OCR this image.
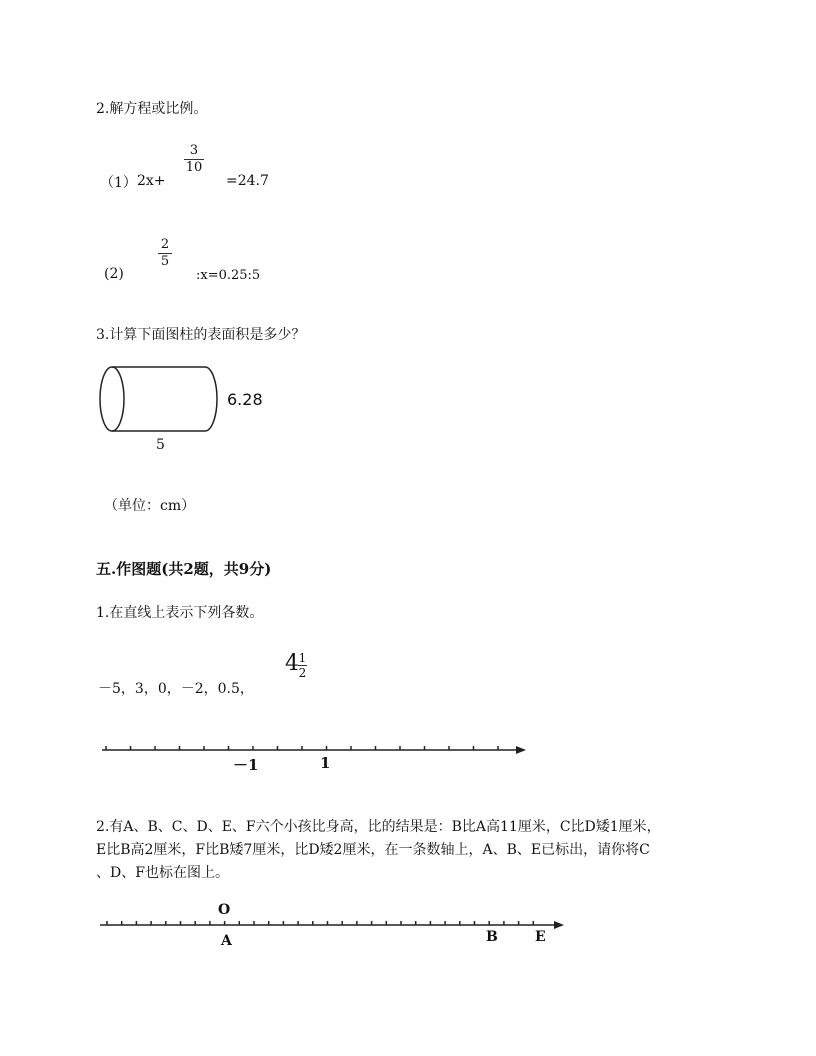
2.解方程或比例。
（1） 2x+
3
10
=24.7
(2)
2
5
:x=0.25:5
3.计算下面图柱的表面积是多少？
6.28
5
（单位：cm）
五.作图题(共2题，共9分)
1.在直线上表示下列各数。
－5，3，0，－2，0.5，
4 1
2
－1	1
2.有A、B、C、D、E、F六个小孩比身高，比的结果是：B比A高11厘米，C比D矮1厘米，
E比B高2厘米，F比B矮7厘米，比D矮2厘米，在一条数轴上，A、B、E已标出，请你将C
、D、F也标在图上。
O
A	B	E
